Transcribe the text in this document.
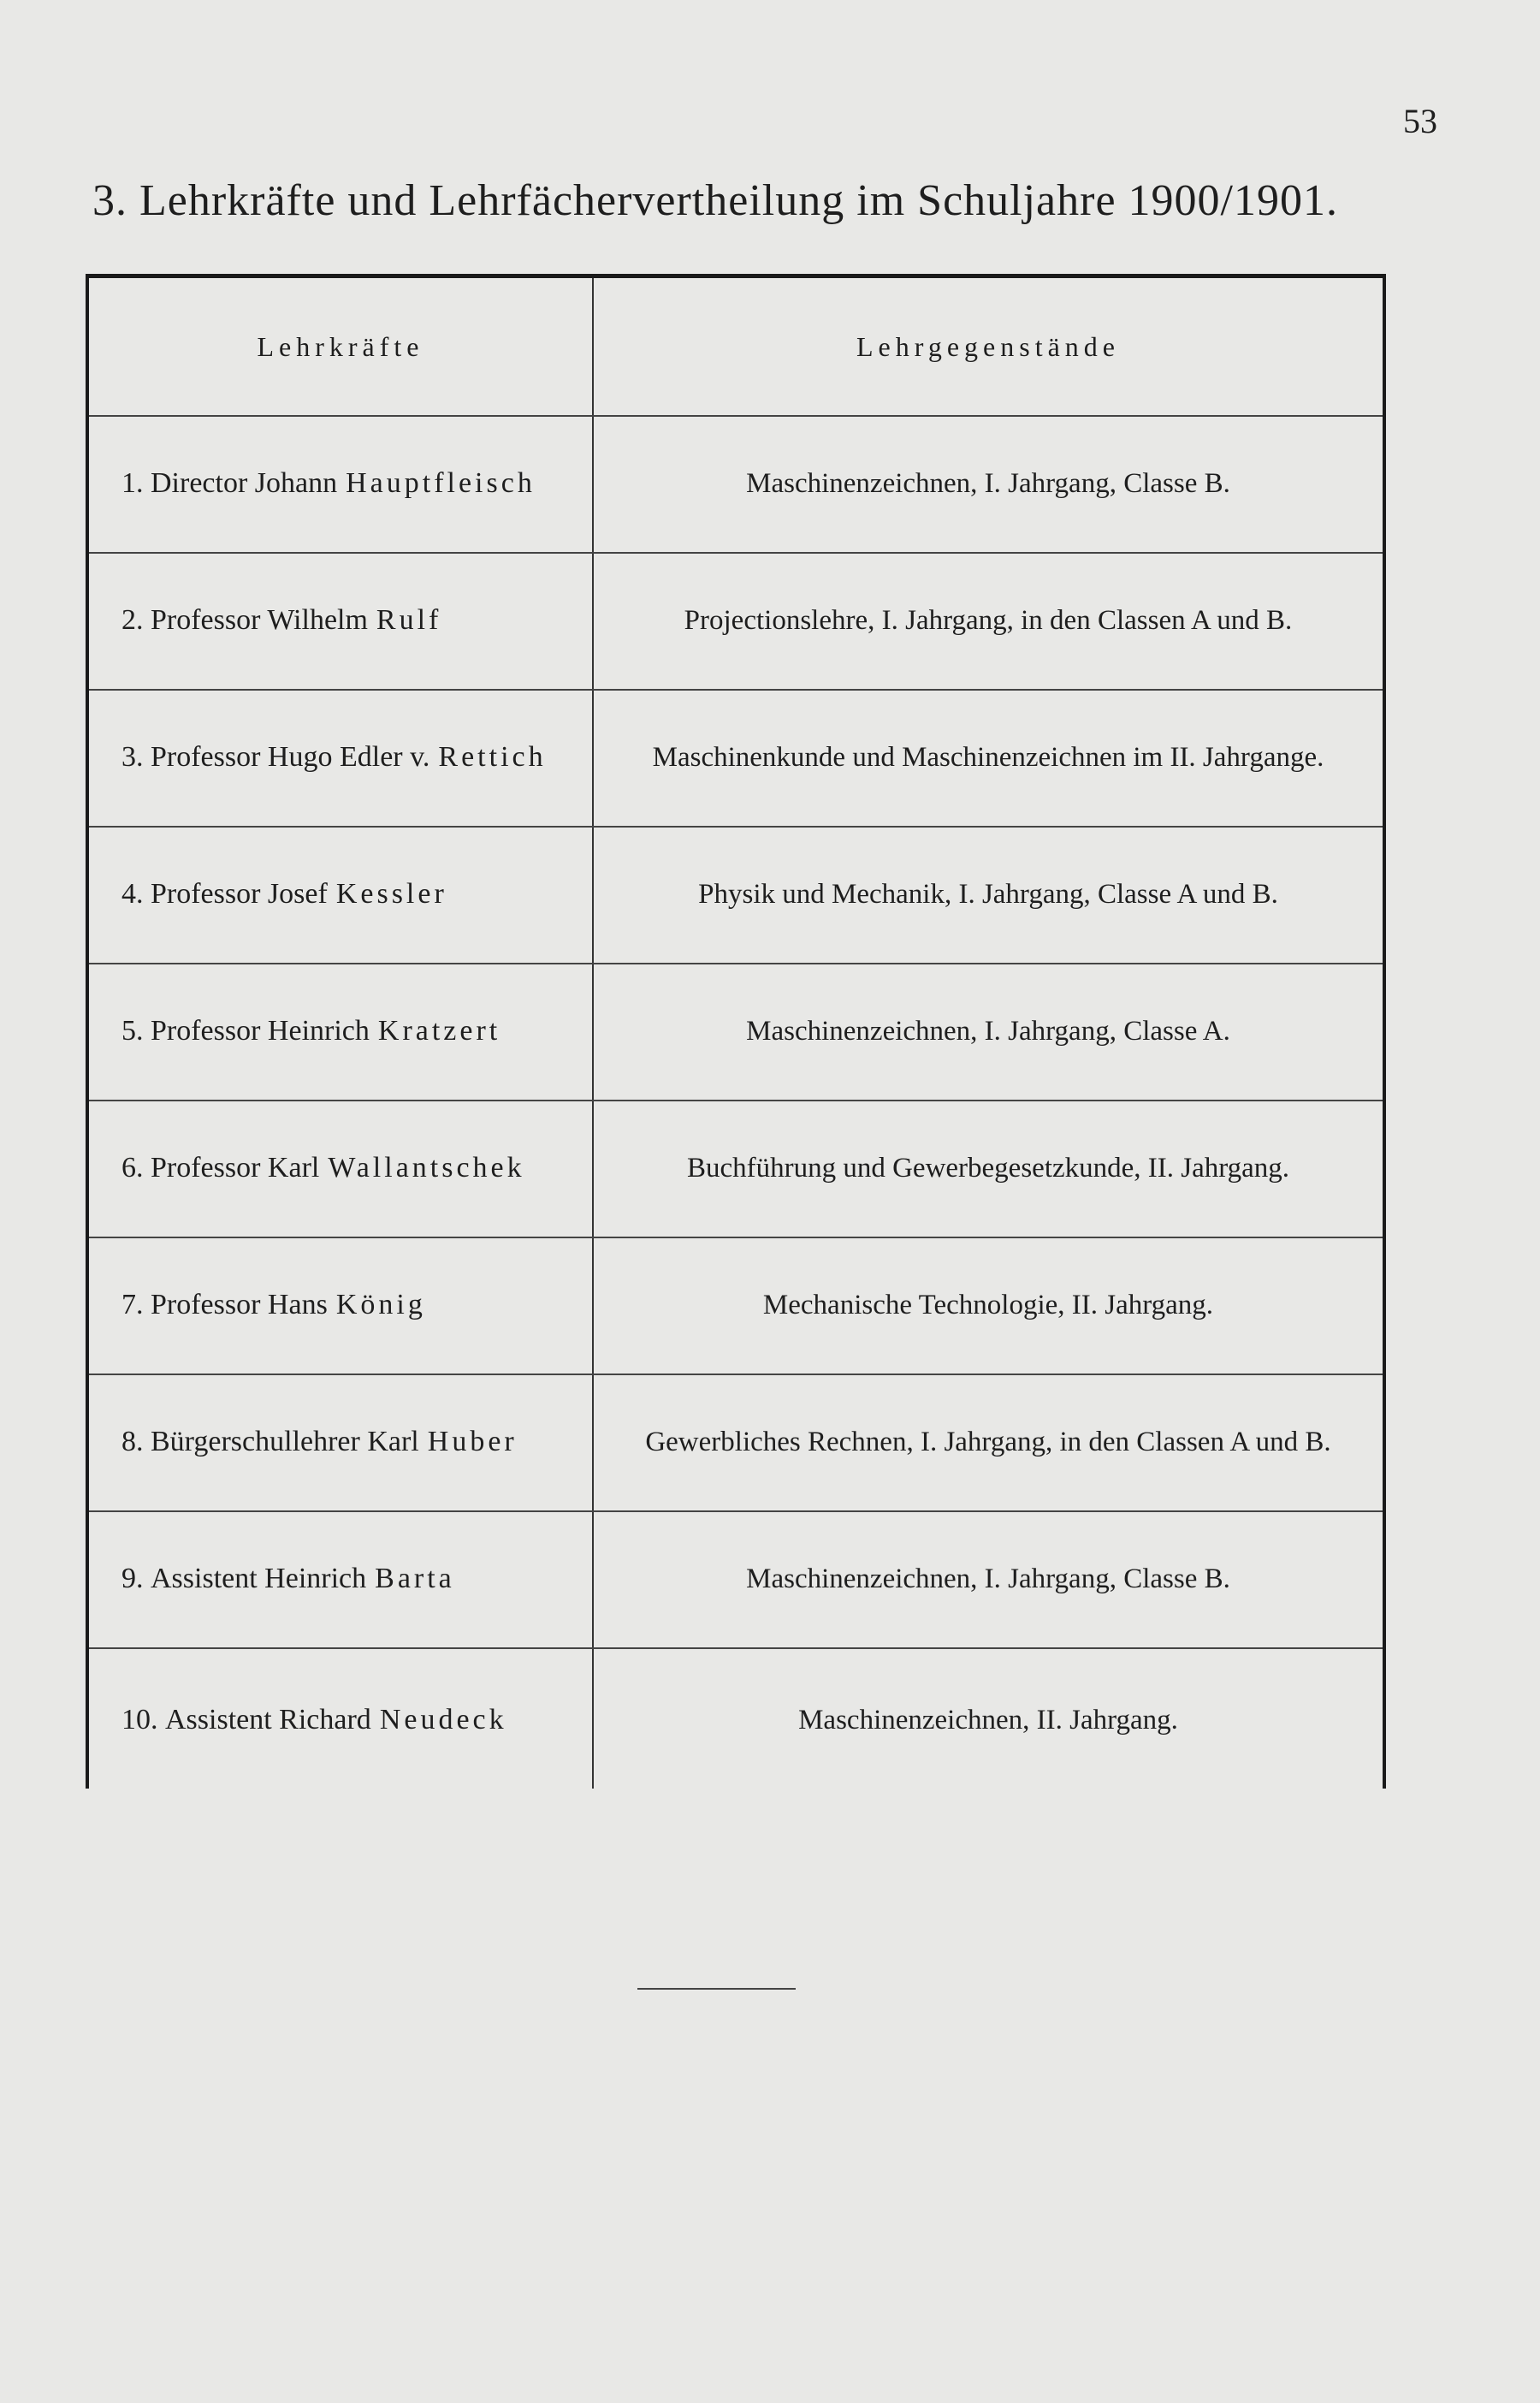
53
3. Lehrkräfte und Lehrfächervertheilung im Schuljahre 1900/1901.
Lehrkräfte	Lehrgegenstände
1.
Director Johann Hauptfleisch	Maschinenzeichnen, I. Jahrgang, Classe B.
2.
Professor Wilhelm Rulf	Projectionslehre, I. Jahrgang, in den Classen A und B.
3.
Professor Hugo Edler v. Rettich	Maschinenkunde und Maschinenzeichnen im II. Jahrgange.
4.
Professor Josef Kessler	Physik und Mechanik, I. Jahrgang, Classe A und B.
5.
Professor Heinrich Kratzert	Maschinenzeichnen, I. Jahrgang, Classe A.
6.
Professor Karl Wallantschek	Buchführung und Gewerbegesetzkunde, II. Jahrgang.
7.
Professor Hans König	Mechanische Technologie, II. Jahrgang.
8.
Bürgerschullehrer Karl Huber	Gewerbliches Rechnen, I. Jahrgang, in den Classen A und B.
9.
Assistent Heinrich Barta	Maschinenzeichnen, I. Jahrgang, Classe B.
10.
Assistent Richard Neudeck	Maschinenzeichnen, II. Jahrgang.
